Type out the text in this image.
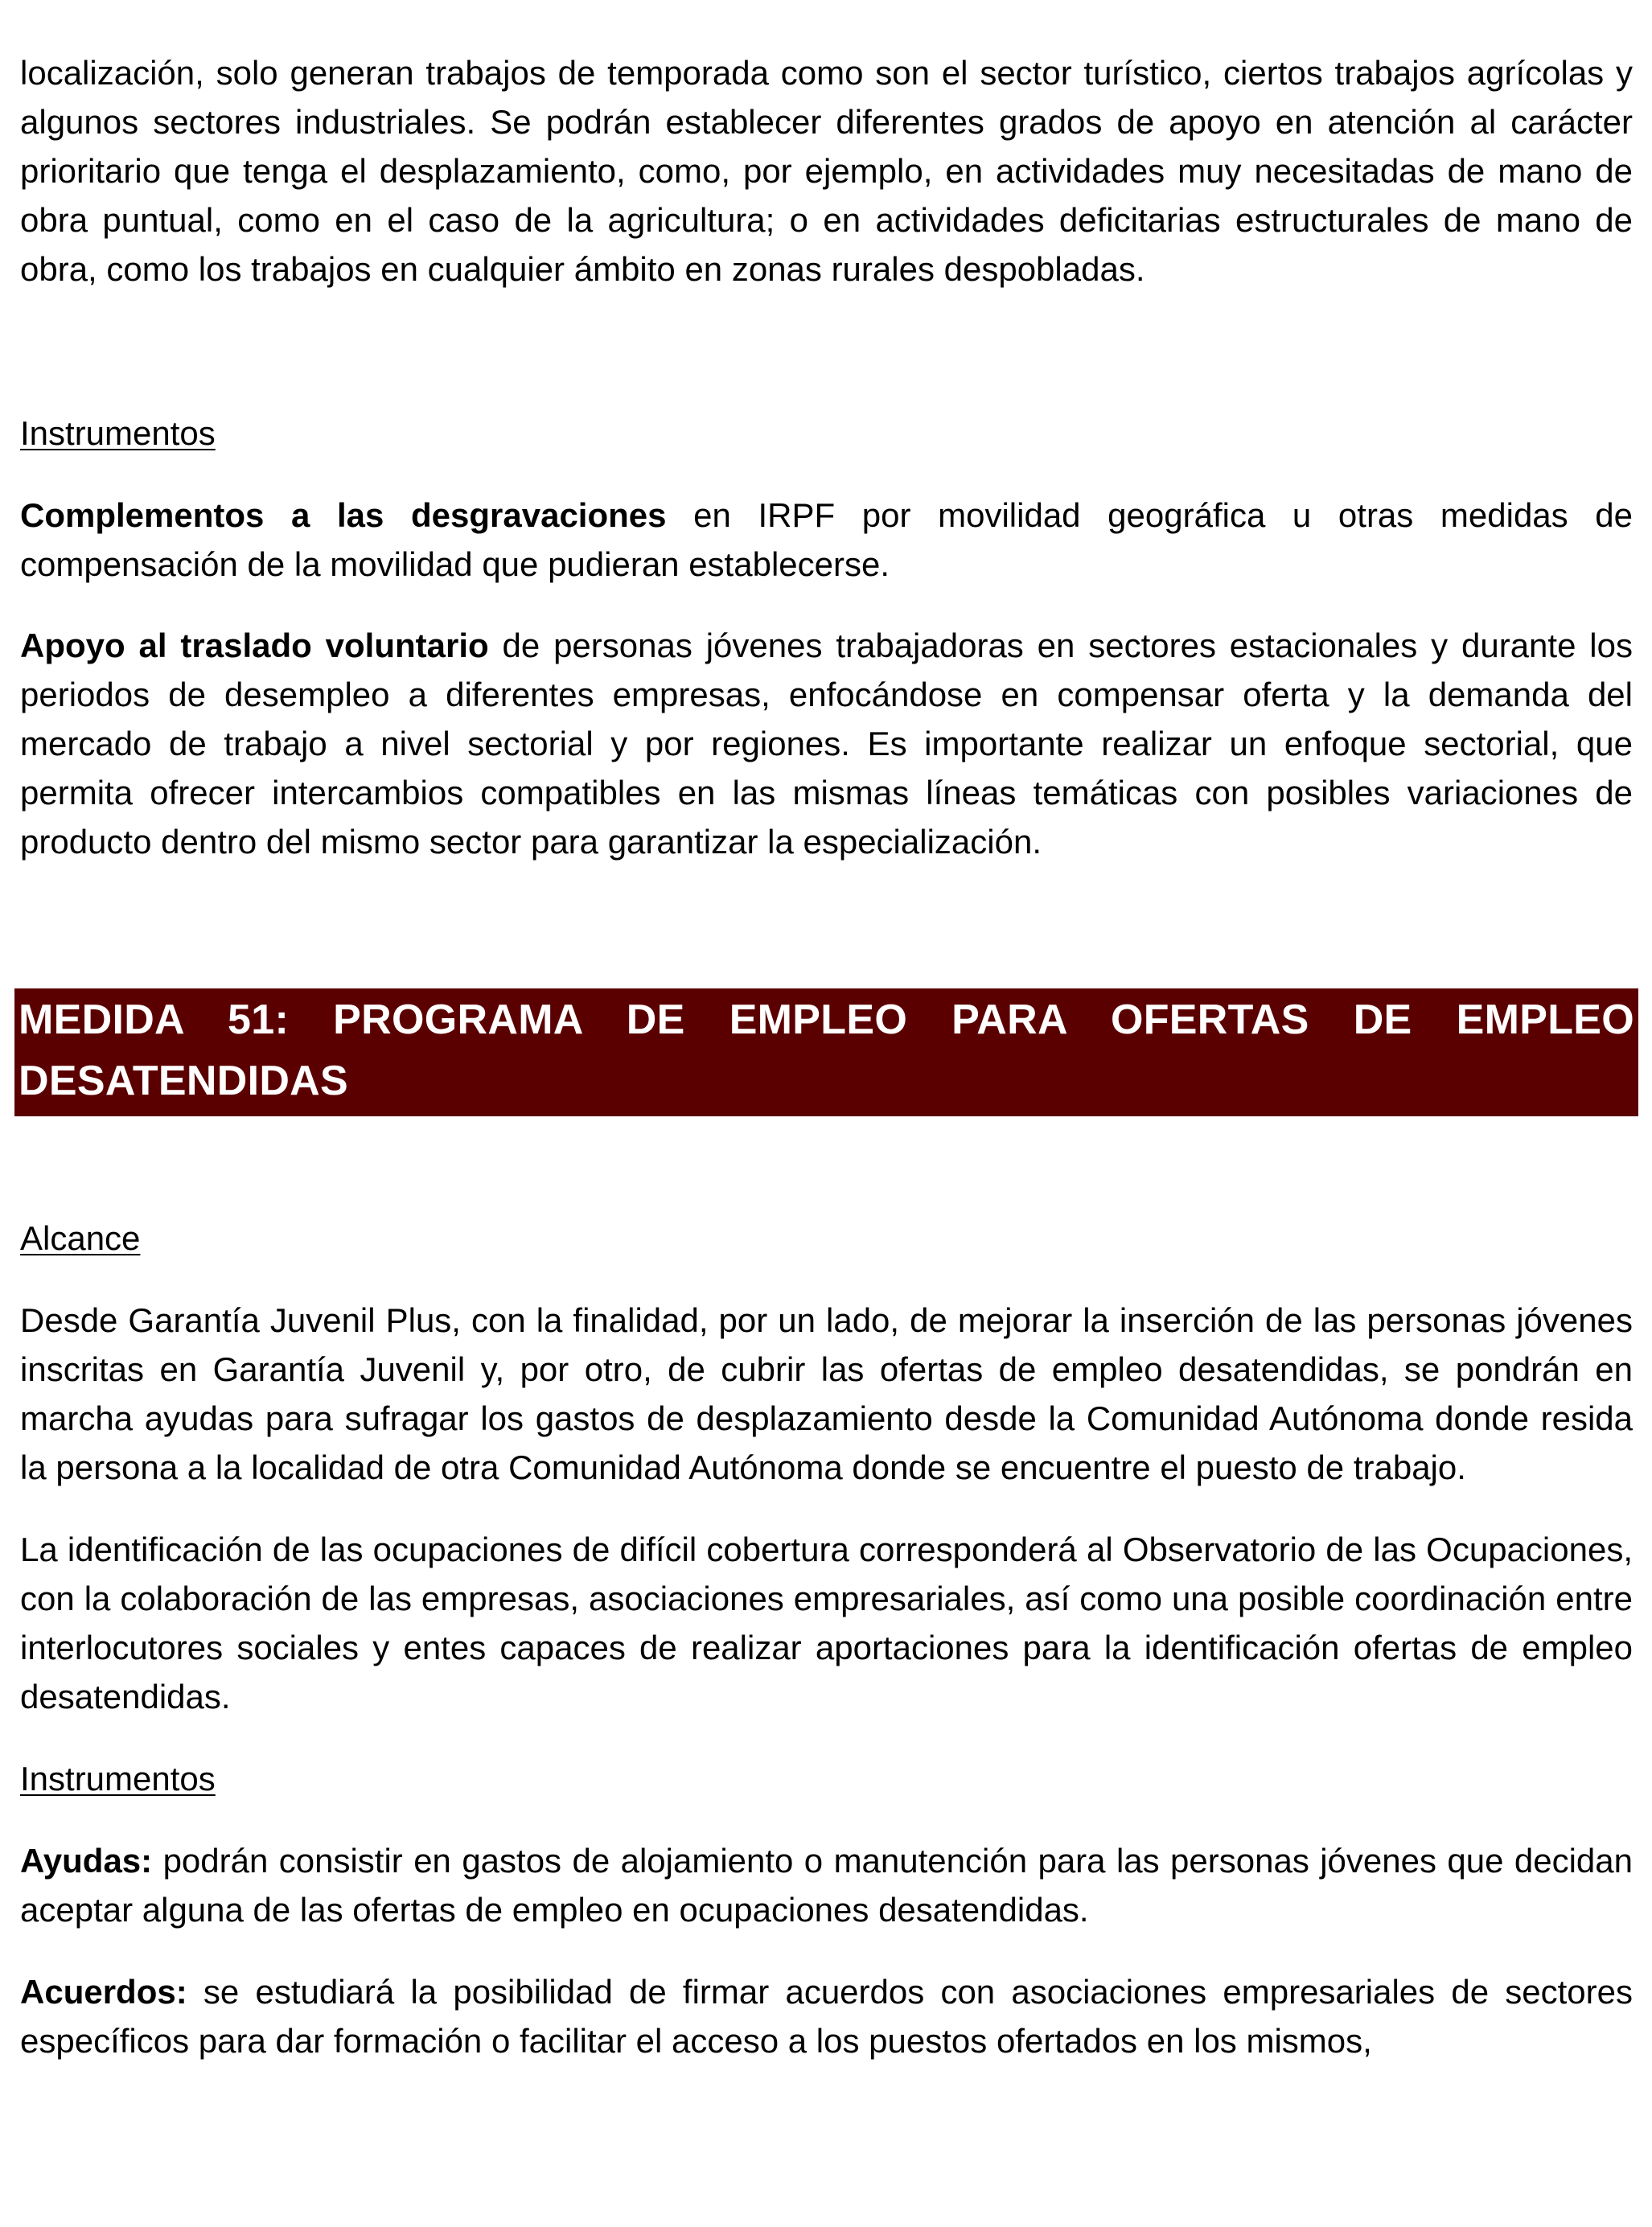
localización, solo generan trabajos de temporada como son el sector turístico, ciertos trabajos agrícolas y algunos sectores industriales. Se podrán establecer diferentes grados de apoyo en atención al carácter prioritario que tenga el desplazamiento, como, por ejemplo, en actividades muy necesitadas de mano de obra puntual, como en el caso de la agricultura; o en actividades deficitarias estructurales de mano de obra, como los trabajos en cualquier ámbito en zonas rurales despobladas.

Instrumentos

Complementos a las desgravaciones en IRPF por movilidad geográfica u otras medidas de compensación de la movilidad que pudieran establecerse.

Apoyo al traslado voluntario de personas jóvenes trabajadoras en sectores estacionales y durante los periodos de desempleo a diferentes empresas, enfocándose en compensar oferta y la demanda del mercado de trabajo a nivel sectorial y por regiones. Es importante realizar un enfoque sectorial, que permita ofrecer intercambios compatibles en las mismas líneas temáticas con posibles variaciones de producto dentro del mismo sector para garantizar la especialización.

MEDIDA 51: PROGRAMA DE EMPLEO PARA OFERTAS DE EMPLEO DESATENDIDAS

Alcance

Desde Garantía Juvenil Plus, con la finalidad, por un lado, de mejorar la inserción de las personas jóvenes inscritas en Garantía Juvenil y, por otro, de cubrir las ofertas de empleo desatendidas, se pondrán en marcha ayudas para sufragar los gastos de desplazamiento desde la Comunidad Autónoma donde resida la persona a la localidad de otra Comunidad Autónoma donde se encuentre el puesto de trabajo.

La identificación de las ocupaciones de difícil cobertura corresponderá al Observatorio de las Ocupaciones, con la colaboración de las empresas, asociaciones empresariales, así como una posible coordinación entre interlocutores sociales y entes capaces de realizar aportaciones para la identificación ofertas de empleo desatendidas.

Instrumentos

Ayudas: podrán consistir en gastos de alojamiento o manutención para las personas jóvenes que decidan aceptar alguna de las ofertas de empleo en ocupaciones desatendidas.

Acuerdos: se estudiará la posibilidad de firmar acuerdos con asociaciones empresariales de sectores específicos para dar formación o facilitar el acceso a los puestos ofertados en los mismos,
